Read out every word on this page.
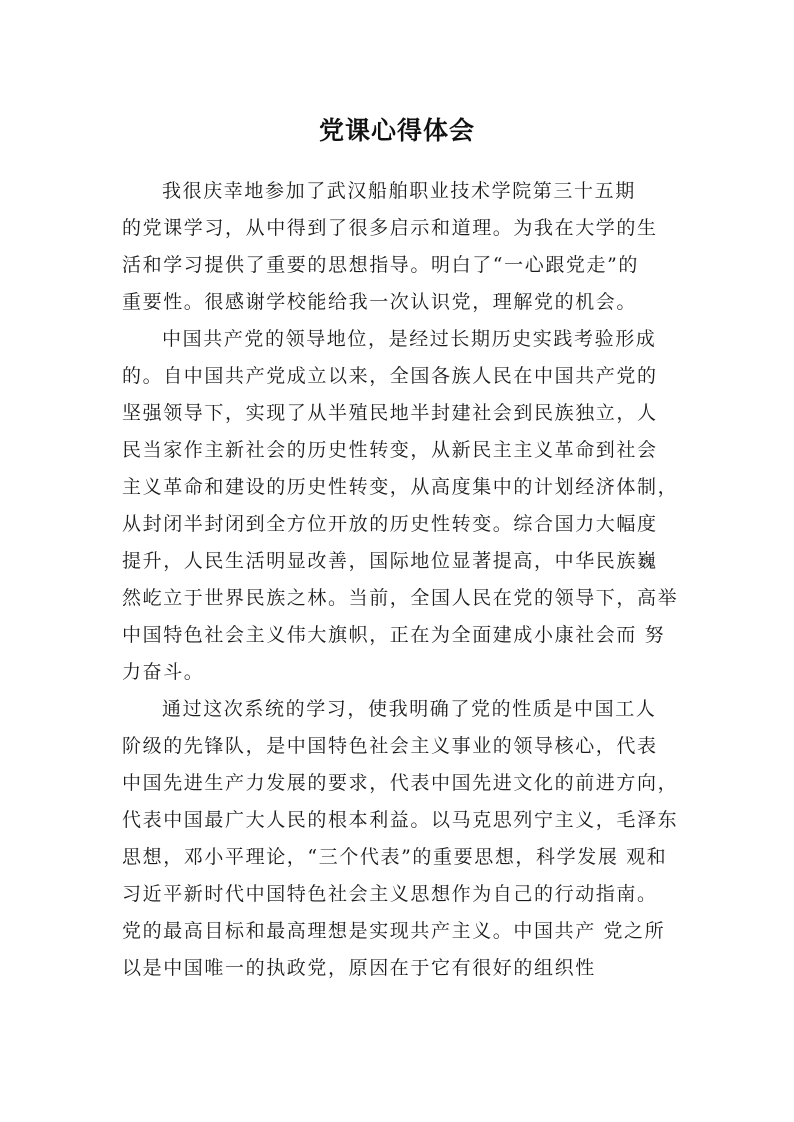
党课心得体会
我很庆幸地参加了武汉船舶职业技术学院第三十五期
的党课学习，从中得到了很多启示和道理。为我在大学的生
活和学习提供了重要的思想指导。明白了“一心跟党走”的
重要性。很感谢学校能给我一次认识党，理解党的机会。
中国共产党的领导地位，是经过长期历史实践考验形成
的。自中国共产党成立以来，全国各族人民在中国共产党的
坚强领导下，实现了从半殖民地半封建社会到民族独立，人
民当家作主新社会的历史性转变，从新民主主义革命到社会
主义革命和建设的历史性转变，从高度集中的计划经济体制，
从封闭半封闭到全方位开放的历史性转变。综合国力大幅度
提升，人民生活明显改善，国际地位显著提高，中华民族巍
然屹立于世界民族之林。当前，全国人民在党的领导下，高举
中国特色社会主义伟大旗帜，正在为全面建成小康社会而 努
力奋斗。
通过这次系统的学习，使我明确了党的性质是中国工人
阶级的先锋队，是中国特色社会主义事业的领导核心，代表
中国先进生产力发展的要求，代表中国先进文化的前进方向，
代表中国最广大人民的根本利益。以马克思列宁主义，毛泽东
思想，邓小平理论，“三个代表”的重要思想，科学发展 观和
习近平新时代中国特色社会主义思想作为自己的行动指南。
党的最高目标和最高理想是实现共产主义。中国共产 党之所
以是中国唯一的执政党，原因在于它有很好的组织性
